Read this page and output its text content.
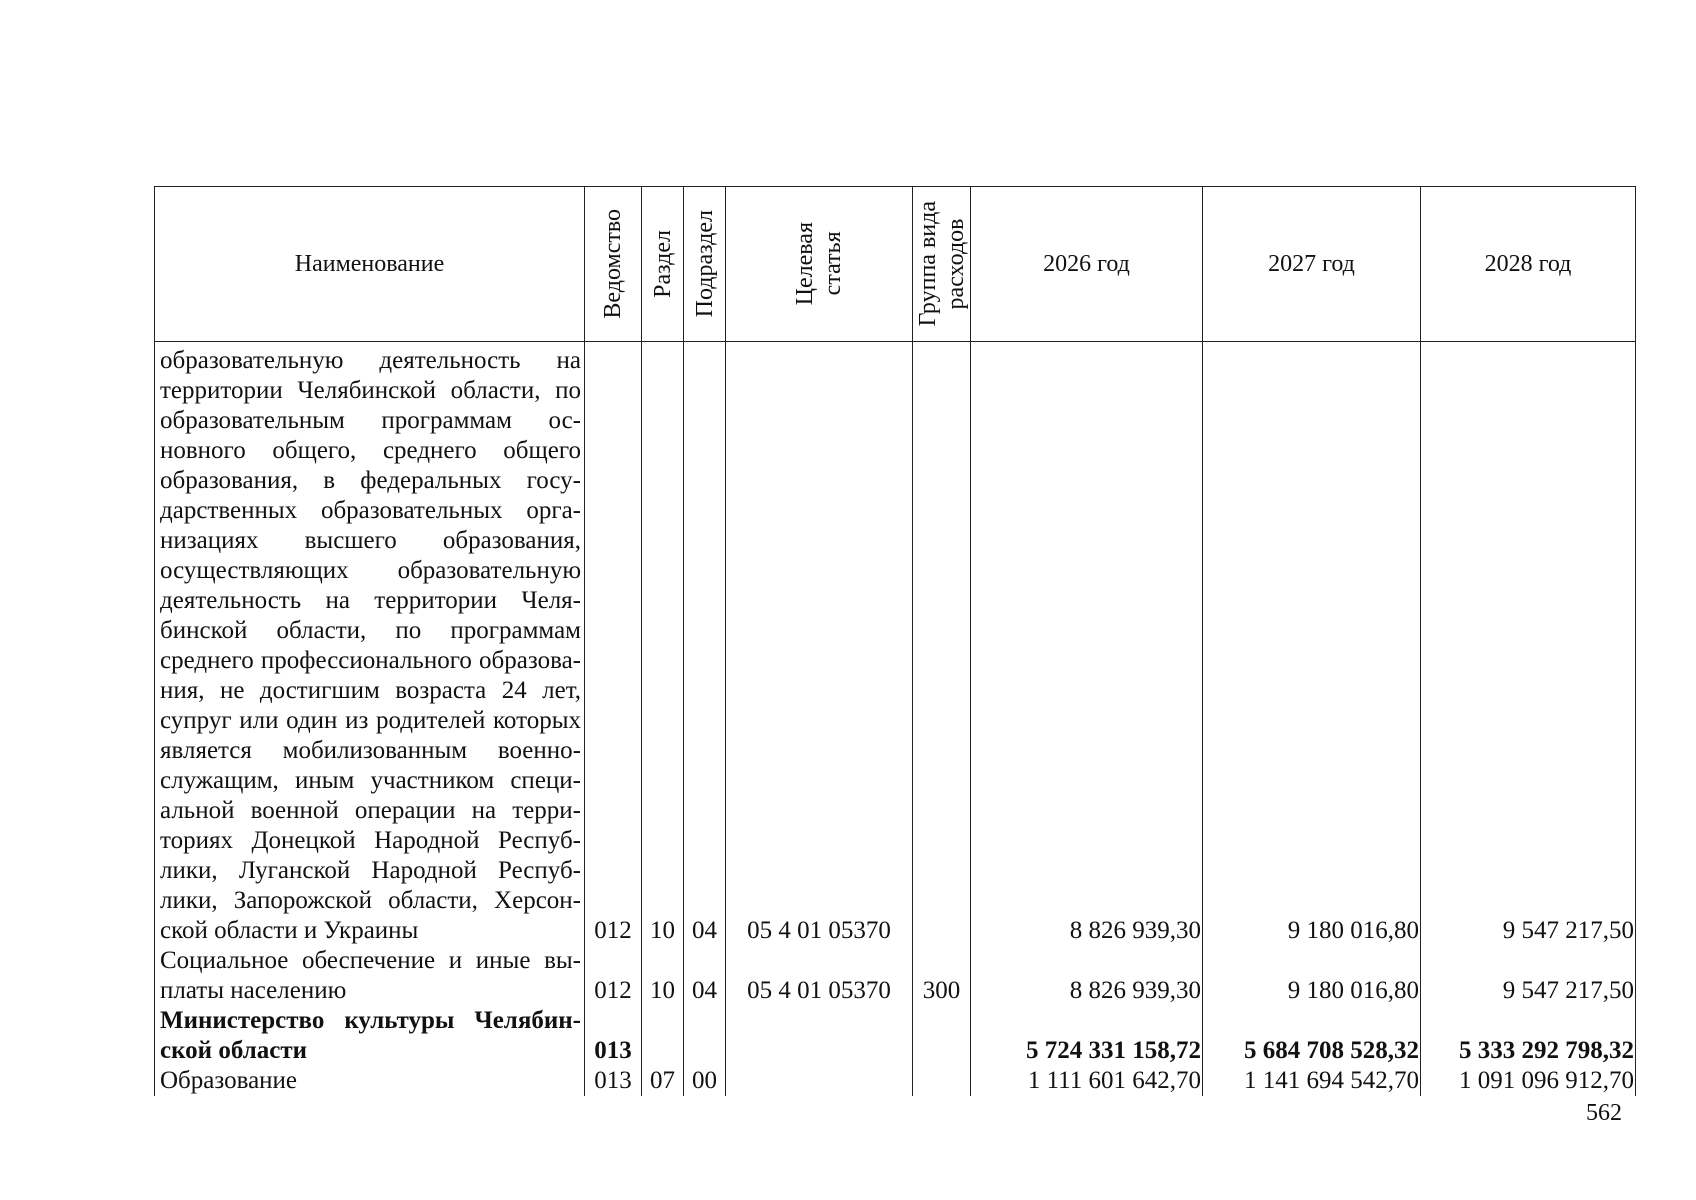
Наименование	Ведомство	Раздел	Подраздел	Целевая
статья	Группа вида
расходов	2026 год	2027 год	2028 год
образовательную деятельность на территории Челябинской области, по образовательным программам основного общего, среднего общего образования, в федеральных государственных образовательных организациях высшего образования, осуществляющих образовательную деятельность на территории Челябинской области, по программам среднего профессионального образования, не достигшим возраста 24 лет, супруг или один из родителей которых является мобилизованным военнослужащим, иным участником специальной военной операции на территориях Донецкой Народной Республики, Луганской Народной Республики, Запорожской области, Херсонской области и Украины	012	10	04	05 4 01 05370		8 826 939,30	9 180 016,80	9 547 217,50
Социальное обеспечение и иные выплаты населению	012	10	04	05 4 01 05370	300	8 826 939,30	9 180 016,80	9 547 217,50
Министерство культуры Челябинской области	013					5 724 331 158,72	5 684 708 528,32	5 333 292 798,32
Образование	013	07	00			1 111 601 642,70	1 141 694 542,70	1 091 096 912,70
562
